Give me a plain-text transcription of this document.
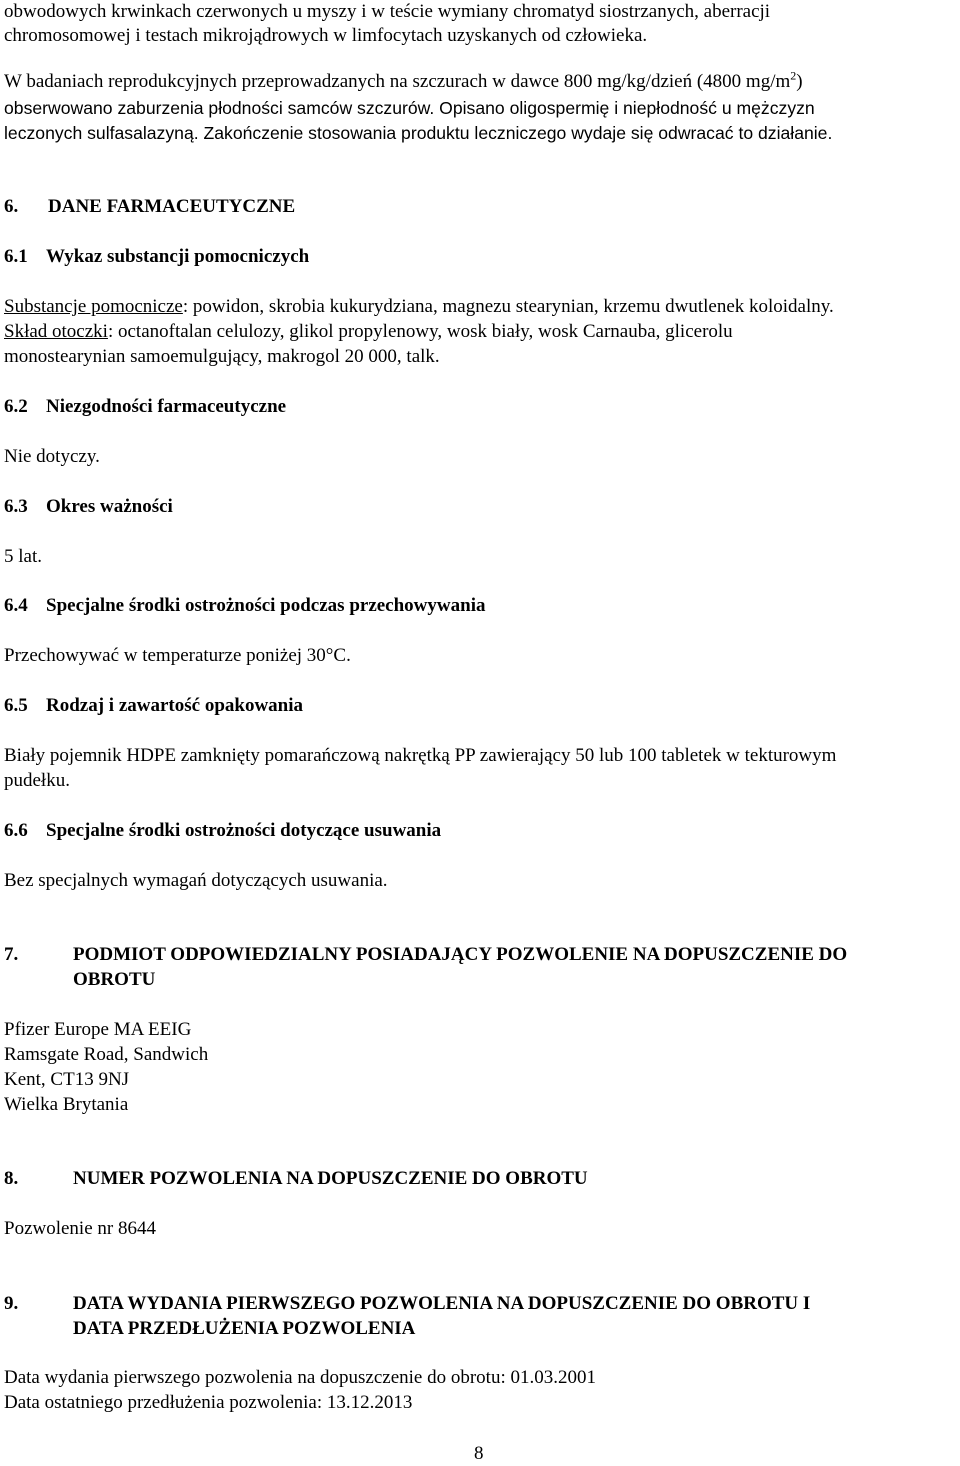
obwodowych krwinkach czerwonych u myszy i w teście wymiany chromatyd siostrzanych, aberracji
chromosomowej i testach mikrojądrowych w limfocytach uzyskanych od człowieka.
W badaniach reprodukcyjnych przeprowadzanych na szczurach w dawce 800 mg/kg/dzień (4800 $mg/m^2$)
obserwowano zaburzenia płodności samców szczurów. Opisano oligospermię i niepłodność u mężczyzn
leczonych sulfasalazyną. Zakończenie stosowania produktu leczniczego wydaje się odwracać to działanie.
6. DANE FARMACEUTYCZNE
6.1 Wykaz substancji pomocniczych
Substancje pomocnicze: powidon, skrobia kukurydziana, magnezu stearynian, krzemu dwutlenek koloidalny.
Skład otoczki: octanoftalan celulozy, glikol propylenowy, wosk biały, wosk Carnauba, glicerolu
monostearynian samoemulgujący, makrogol 20 000, talk.
6.2 Niezgodności farmaceutyczne
Nie dotyczy.
6.3 Okres ważności
5 lat.
6.4 Specjalne środki ostrożności podczas przechowywania
Przechowywać w temperaturze poniżej 30°C.
6.5 Rodzaj i zawartość opakowania
Biały pojemnik HDPE zamknięty pomarańczową nakrętką PP zawierający 50 lub 100 tabletek w tekturowym
pudełku.
6.6 Specjalne środki ostrożności dotyczące usuwania
Bez specjalnych wymagań dotyczących usuwania.
7.	PODMIOT ODPOWIEDZIALNY POSIADAJĄCY POZWOLENIE NA DOPUSZCZENIE DO
OBROTU
Pfizer Europe MA EEIG
Ramsgate Road, Sandwich
Kent, CT13 9NJ
Wielka Brytania
8.	NUMER POZWOLENIA NA DOPUSZCZENIE DO OBROTU
Pozwolenie nr 8644
9.	DATA WYDANIA PIERWSZEGO POZWOLENIA NA DOPUSZCZENIE DO OBROTU I
DATA PRZEDŁUŻENIA POZWOLENIA
Data wydania pierwszego pozwolenia na dopuszczenie do obrotu: 01.03.2001
Data ostatniego przedłużenia pozwolenia: 13.12.2013
8
